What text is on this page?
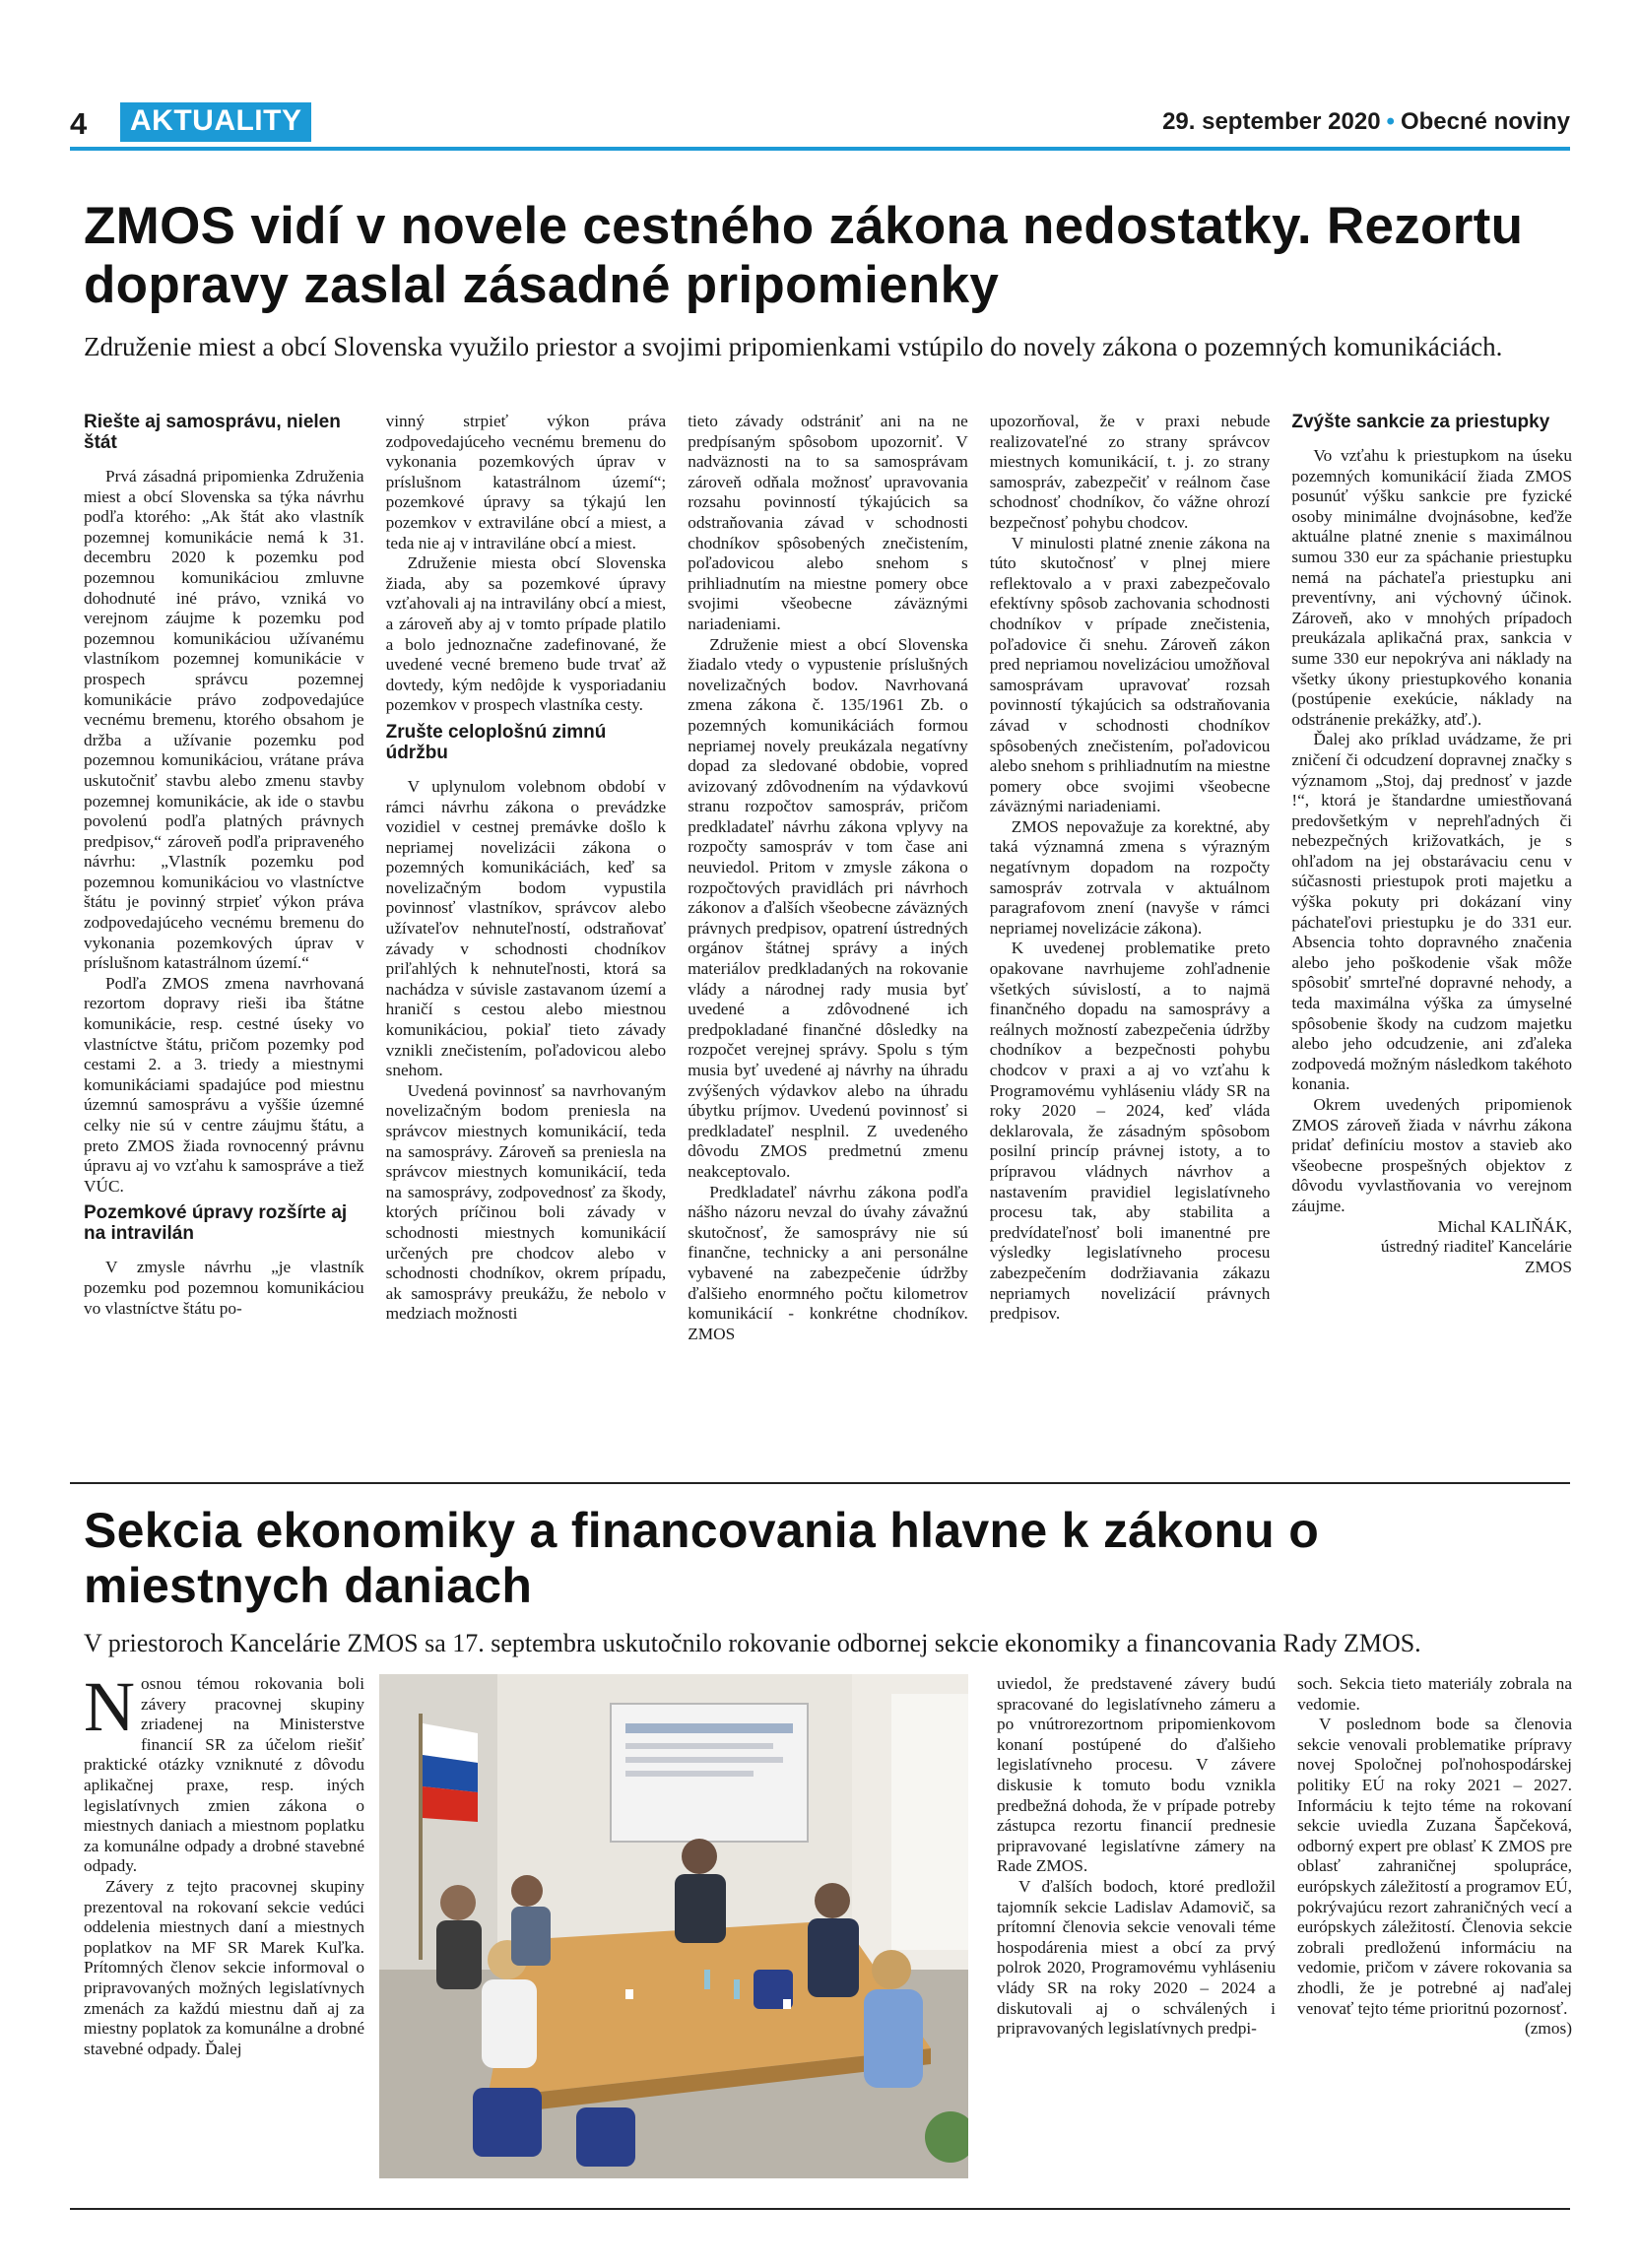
4	AKTUALITY	29. september 2020 • Obecné noviny
ZMOS vidí v novele cestného zákona nedostatky. Rezortu dopravy zaslal zásadné pripomienky
Združenie miest a obcí Slovenska využilo priestor a svojimi pripomienkami vstúpilo do novely zákona o pozemných komunikáciách.
Riešte aj samosprávu, nielen štát

Prvá zásadná pripomienka Združenia miest a obcí Slovenska sa týka návrhu podľa ktorého: „Ak štát ako vlastník pozemnej komunikácie nemá k 31. decembru 2020 k pozemku pod pozemnou komunikáciou zmluvne dohodnuté iné právo, vzniká vo verejnom záujme k pozemku pod pozemnou komunikáciou užívanému vlastníkom pozemnej komunikácie v prospech správcu pozemnej komunikácie právo zodpovedajúce vecnému bremenu, ktorého obsahom je držba a užívanie pozemku pod pozemnou komunikáciou, vrátane práva uskutočniť stavbu alebo zmenu stavby pozemnej komunikácie, ak ide o stavbu povolenú podľa platných právnych predpisov,“ zároveň podľa pripraveného návrhu: „Vlastník pozemku pod pozemnou komunikáciou vo vlastníctve štátu je povinný strpieť výkon práva zodpovedajúceho vecnému bremenu do vykonania pozemkových úprav v príslušnom katastrálnom území.“

Podľa ZMOS zmena navrhovaná rezortom dopravy rieši iba štátne komunikácie, resp. cestné úseky vo vlastníctve štátu, pričom pozemky pod cestami 2. a 3. triedy a miestnymi komunikáciami spadajúce pod miestnu územnú samosprávu a vyššie územné celky nie sú v centre záujmu štátu, a preto ZMOS žiada rovnocenný právnu úpravu aj vo vzťahu k samospráve a tiež VÚC.

Pozemkové úpravy rozšírte aj na intravilán

V zmysle návrhu „je vlastník pozemku pod pozemnou komunikáciou vo vlastníctve štátu po-

vinný strpieť výkon práva zodpovedajúceho vecnému bremenu do vykonania pozemkových úprav v príslušnom katastrálnom území“; pozemkové úpravy sa týkajú len pozemkov v extraviláne obcí a miest, a teda nie aj v intraviláne obcí a miest.

Združenie miesta obcí Slovenska žiada, aby sa pozemkové úpravy vzťahovali aj na intravilány obcí a miest, a zároveň aby aj v tomto prípade platilo a bolo jednoznačne zadefinované, že uvedené vecné bremeno bude trvať až dovtedy, kým nedôjde k vysporiadaniu pozemkov v prospech vlastníka cesty.

Zrušte celoplošnú zimnú údržbu

V uplynulom volebnom období v rámci návrhu zákona o prevádzke vozidiel v cestnej premávke došlo k nepriamej novelizácii zákona o pozemných komunikáciách, keď sa novelizačným bodom vypustila povinnosť vlastníkov, správcov alebo užívateľov nehnuteľností, odstraňovať závady v schodnosti chodníkov priľahlých k nehnuteľnosti, ktorá sa nachádza v súvisle zastavanom území a hraničí s cestou alebo miestnou komunikáciou, pokiaľ tieto závady vznikli znečistením, poľadovicou alebo snehom.

Uvedená povinnosť sa navrhovaným novelizačným bodom preniesla na správcov miestnych komunikácií, teda na samosprávy. Zároveň sa preniesla na správcov miestnych komunikácií, teda na samosprávy, zodpovednosť za škody, ktorých príčinou boli závady v schodnosti miestnych komunikácií určených pre chodcov alebo v schodnosti chodníkov, okrem prípadu, ak samosprávy preukážu, že nebolo v medziach možnosti

tieto závady odstrániť ani na ne predpísaným spôsobom upozorniť. V nadväznosti na to sa samosprávam zároveň odňala možnosť upravovania rozsahu povinností týkajúcich sa odstraňovania závad v schodnosti chodníkov spôsobených znečistením, poľadovicou alebo snehom s prihliadnutím na miestne pomery obce svojimi všeobecne záväznými nariadeniami.

Združenie miest a obcí Slovenska žiadalo vtedy o vypustenie príslušných novelizačných bodov. Navrhovaná zmena zákona č. 135/1961 Zb. o pozemných komunikáciách formou nepriamej novely preukázala negatívny dopad za sledované obdobie, vopred avizovaný zdôvodnením na výdavkovú stranu rozpočtov samospráv, pričom predkladateľ návrhu zákona vplyvy na rozpočty samospráv v tom čase ani neuviedol. Pritom v zmysle zákona o rozpočtových pravidlách pri návrhoch zákonov a ďalších všeobecne záväzných právnych predpisov, opatrení ústredných orgánov štátnej správy a iných materiálov predkladaných na rokovanie vlády a národnej rady musia byť uvedené a zdôvodnené ich predpokladané finančné dôsledky na rozpočet verejnej správy. Spolu s tým musia byť uvedené aj návrhy na úhradu zvýšených výdavkov alebo na úhradu úbytku príjmov. Uvedenú povinnosť si predkladateľ nesplnil. Z uvedeného dôvodu ZMOS predmetnú zmenu neakceptovalo.

Predkladateľ návrhu zákona podľa nášho názoru nevzal do úvahy závažnú skutočnosť, že samosprávy nie sú finančne, technicky a ani personálne vybavené na zabezpečenie údržby ďalšieho enormného počtu kilometrov komunikácií - konkrétne chodníkov. ZMOS

upozorňoval, že v praxi nebude realizovateľné zo strany správcov miestnych komunikácií, t. j. zo strany samospráv, zabezpečiť v reálnom čase schodnosť chodníkov, čo vážne ohrozí bezpečnosť pohybu chodcov.

V minulosti platné znenie zákona na túto skutočnosť v plnej miere reflektovalo a v praxi zabezpečovalo efektívny spôsob zachovania schodnosti chodníkov v prípade znečistenia, poľadovice či snehu. Zároveň zákon pred nepriamou novelizáciou umožňoval samosprávam upravovať rozsah povinností týkajúcich sa odstraňovania závad v schodnosti chodníkov spôsobených znečistením, poľadovicou alebo snehom s prihliadnutím na miestne pomery obce svojimi všeobecne záväznými nariadeniami.

ZMOS nepovažuje za korektné, aby taká významná zmena s výrazným negatívnym dopadom na rozpočty samospráv zotrvala v aktuálnom paragrafovom znení (navyše v rámci nepriamej novelizácie zákona).

K uvedenej problematike preto opakovane navrhujeme zohľadnenie všetkých súvislostí, a to najmä finančného dopadu na samosprávy a reálnych možností zabezpečenia údržby chodníkov a bezpečnosti pohybu chodcov v praxi a aj vo vzťahu k Programovému vyhláseniu vlády SR na roky 2020 – 2024, keď vláda deklarovala, že zásadným spôsobom posilní princíp právnej istoty, a to prípravou vládnych návrhov a nastavením pravidiel legislatívneho procesu tak, aby stabilita a predvídateľnosť boli imanentné pre výsledky legislatívneho procesu zabezpečením dodržiavania zákazu nepriamych novelizácií právnych predpisov.

Zvýšte sankcie za priestupky

Vo vzťahu k priestupkom na úseku pozemných komunikácií žiada ZMOS posunúť výšku sankcie pre fyzické osoby minimálne dvojnásobne, keďže aktuálne platné znenie s maximálnou sumou 330 eur za spáchanie priestupku nemá na páchateľa priestupku ani preventívny, ani výchovný účinok. Zároveň, ako v mnohých prípadoch preukázala aplikačná prax, sankcia v sume 330 eur nepokrýva ani náklady na všetky úkony priestupkového konania (postúpenie exekúcie, náklady na odstránenie prekážky, atď.).

Ďalej ako príklad uvádzame, že pri zničení či odcudzení dopravnej značky s významom „Stoj, daj prednosť v jazde !“, ktorá je štandardne umiestňovaná predovšetkým v neprehľadných či nebezpečných križovatkách, je s ohľadom na jej obstarávaciu cenu v súčasnosti priestupok proti majetku a výška pokuty pri dokázaní viny páchateľovi priestupku je do 331 eur. Absencia tohto dopravného značenia alebo jeho poškodenie však môže spôsobiť smrteľné dopravné nehody, a teda maximálna výška za úmyselné spôsobenie škody na cudzom majetku alebo jeho odcudzenie, ani zďaleka zodpovedá možným následkom takéhoto konania.

Okrem uvedených pripomienok ZMOS zároveň žiada v návrhu zákona pridať definíciu mostov a stavieb ako všeobecne prospešných objektov z dôvodu vyvlastňovania vo verejnom záujme.

Michal KALIŇÁK,

ústredný riaditeľ Kancelárie

ZMOS

Sekcia ekonomiky a financovania hlavne k zákonu o miestnych daniach
V priestoroch Kancelárie ZMOS sa 17. septembra uskutočnilo rokovanie odbornej sekcie ekonomiky a financovania Rady ZMOS.

Nosnou témou rokovania boli závery pracovnej skupiny zriadenej na Ministerstve financií SR za účelom riešiť praktické otázky vzniknuté z dôvodu aplikačnej praxe, resp. iných legislatívnych zmien zákona o miestnych daniach a miestnom poplatku za komunálne odpady a drobné stavebné odpady.

Závery z tejto pracovnej skupiny prezentoval na rokovaní sekcie vedúci oddelenia miestnych daní a miestnych poplatkov na MF SR Marek Kuľka. Prítomných členov sekcie informoval o pripravovaných možných legislatívnych zmenách za každú miestnu daň aj za miestny poplatok za komunálne a drobné stavebné odpady. Ďalej

uviedol, že predstavené závery budú spracované do legislatívneho zámeru a po vnútrorezortnom pripomienkovom konaní postúpené do ďalšieho legislatívneho procesu. V závere diskusie k tomuto bodu vznikla predbežná dohoda, že v prípade potreby zástupca rezortu financií prednesie pripravované legislatívne zámery na Rade ZMOS.

V ďalších bodoch, ktoré predložil tajomník sekcie Ladislav Adamovič, sa prítomní členovia sekcie venovali téme hospodárenia miest a obcí za prvý polrok 2020, Programovému vyhláseniu vlády SR na roky 2020 – 2024 a diskutovali aj o schválených i pripravovaných legislatívnych predpi-

soch. Sekcia tieto materiály zobrala na vedomie.

V poslednom bode sa členovia sekcie venovali problematike prípravy novej Spoločnej poľnohospodárskej politiky EÚ na roky 2021 – 2027. Informáciu k tejto téme na rokovaní sekcie uviedla Zuzana Šapčeková, odborný expert pre oblasť K ZMOS pre oblasť zahraničnej spolupráce, európskych záležitostí a programov EÚ, pokrývajúcu rezort zahraničných vecí a európskych záležitostí. Členovia sekcie zobrali predloženú informáciu na vedomie, pričom v závere rokovania sa zhodli, že je potrebné aj naďalej venovať tejto téme prioritnú pozornosť.

(zmos)
